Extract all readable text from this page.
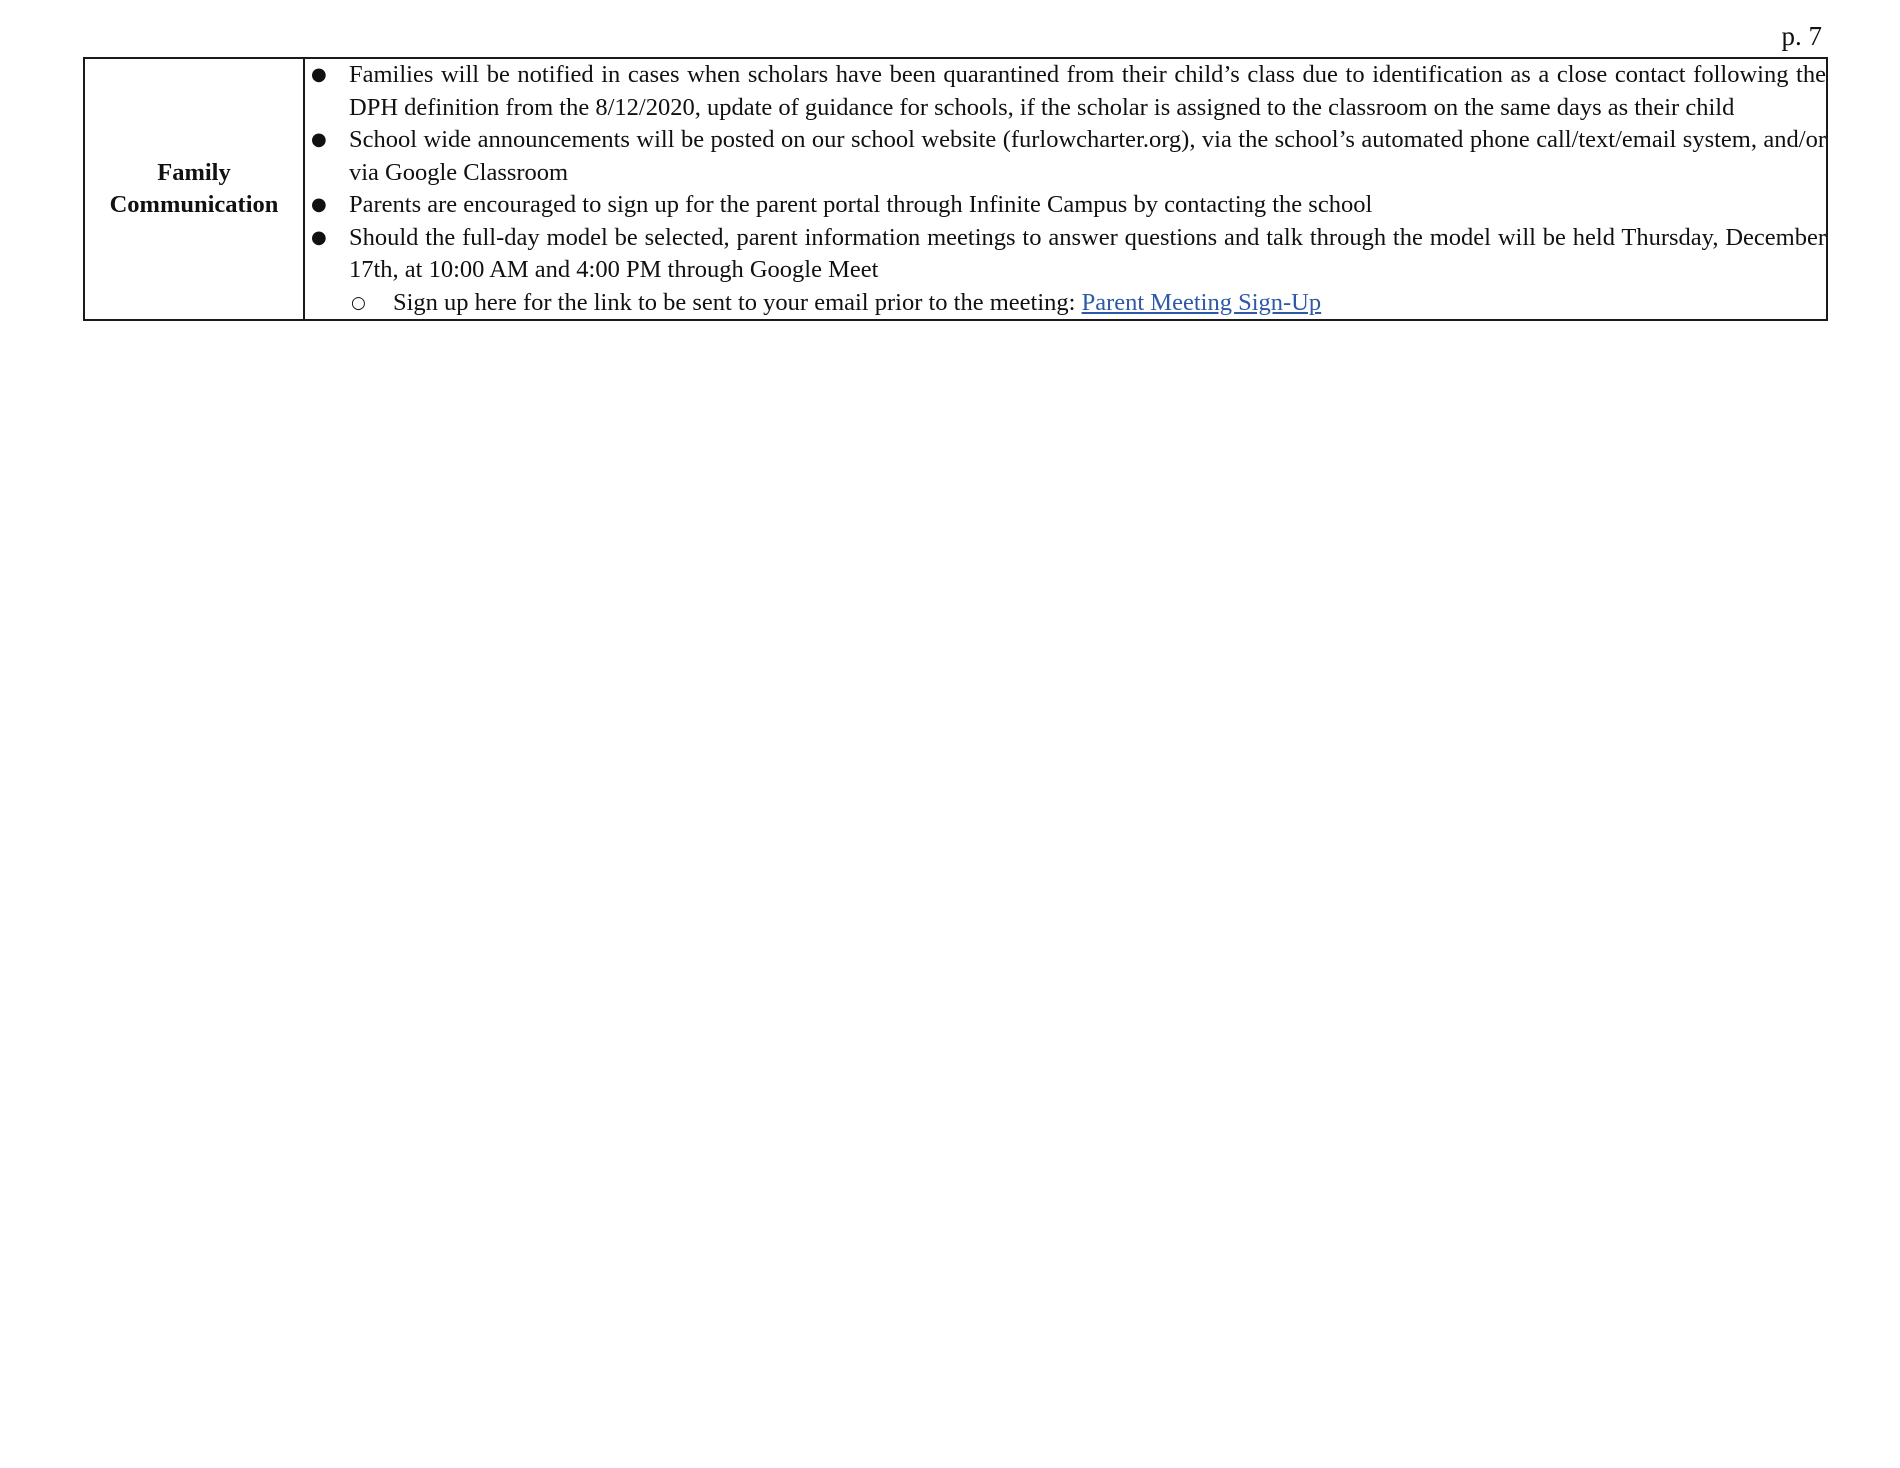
p. 7
Family Communication	
● Families will be notified in cases when scholars have been quarantined from their child’s class due to identification as a close contact following the DPH definition from the 8/12/2020, update of guidance for schools, if the scholar is assigned to the classroom on the same days as their child
● School wide announcements will be posted on our school website (furlowcharter.org), via the school’s automated phone call/text/email system, and/or via Google Classroom
● Parents are encouraged to sign up for the parent portal through Infinite Campus by contacting the school
● Should the full-day model be selected, parent information meetings to answer questions and talk through the model will be held Thursday, December 17th, at 10:00 AM and 4:00 PM through Google Meet
○ Sign up here for the link to be sent to your email prior to the meeting: Parent Meeting Sign-Up
